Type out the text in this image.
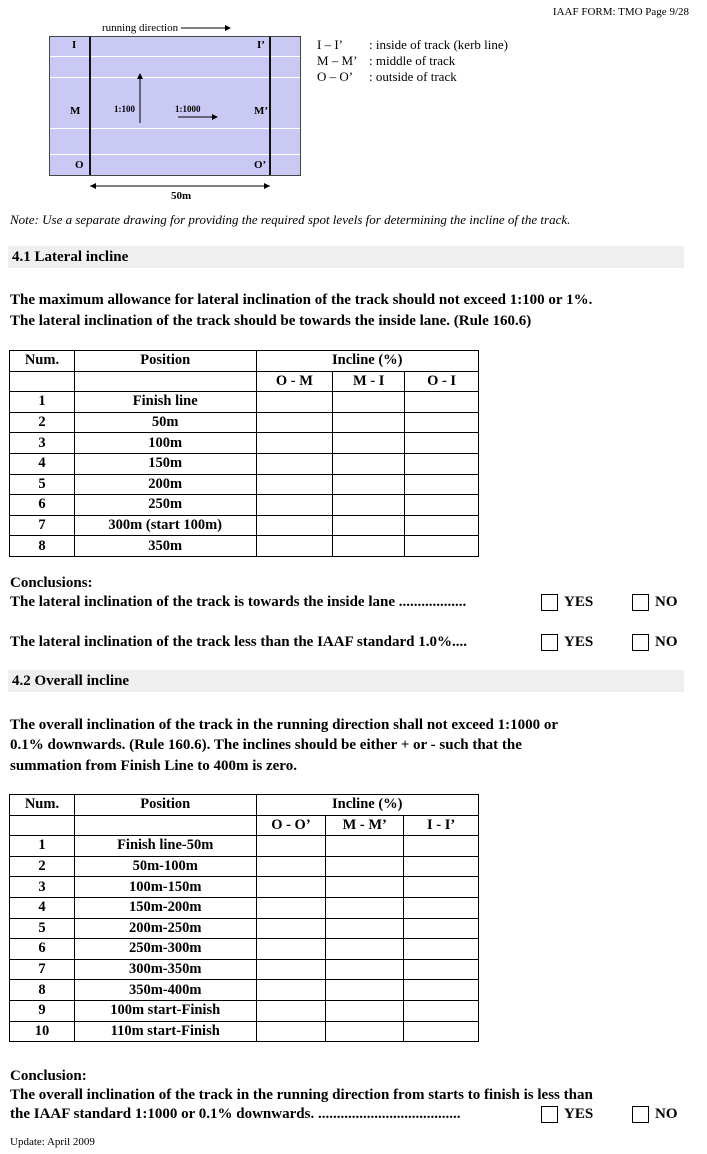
IAAF FORM: TMO Page 9/28
running direction
I	I’
M	M’
O	O’
1:100	1:1000
50m
I – I’ : inside of track (kerb line)
M – M’ : middle of track
O – O’ : outside of track
Note: Use a separate drawing for providing the required spot levels for determining the incline of the track.
4.1 Lateral incline
The maximum allowance for lateral inclination of the track should not exceed 1:100 or 1%.
The lateral inclination of the track should be towards the inside lane. (Rule 160.6)
Num.	Position	Incline (%)		
		O - M	M - I	O - I
1	Finish line			
2	50m			
3	100m			
4	150m			
5	200m			
6	250m			
7	300m (start 100m)			
8	350m			
Conclusions:
The lateral inclination of the track is towards the inside lane ..................	YES	NO
The lateral inclination of the track less than the IAAF standard 1.0%....	YES	NO
4.2 Overall incline
The overall inclination of the track in the running direction shall not exceed 1:1000 or
0.1% downwards. (Rule 160.6). The inclines should be either + or - such that the
summation from Finish Line to 400m is zero.
Num.	Position	Incline (%)		
		O - O’	M - M’	I - I’
1	Finish line-50m			
2	50m-100m			
3	100m-150m			
4	150m-200m			
5	200m-250m			
6	250m-300m			
7	300m-350m			
8	350m-400m			
9	100m start-Finish			
10	110m start-Finish			
Conclusion:
The overall inclination of the track in the running direction from starts to finish is less than
the IAAF standard 1:1000 or 0.1% downwards. ......................................	YES	NO
Update: April 2009
